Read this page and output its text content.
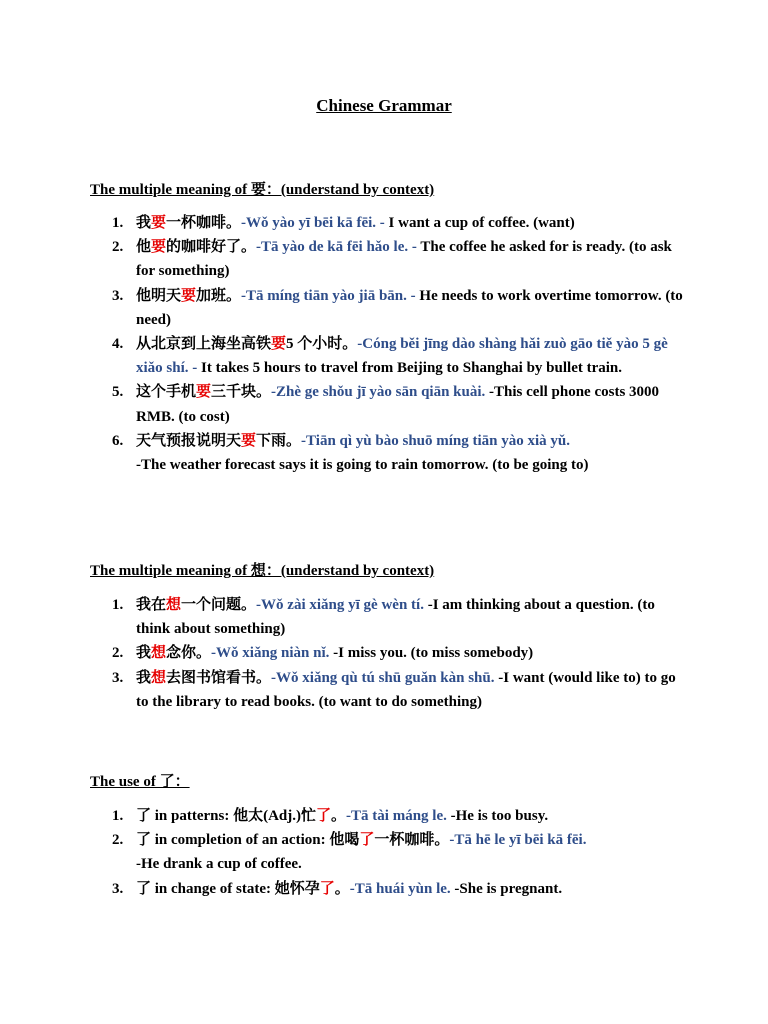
Chinese Grammar
The multiple meaning of 要：(understand by context)
1. 我要一杯咖啡。-Wǒ yào yī bēi kā fēi. - I want a cup of coffee. (want)
2. 他要的咖啡好了。-Tā yào de kā fēi hǎo le. - The coffee he asked for is ready. (to ask for something)
3. 他明天要加班。-Tā míng tiān yào jiā bān. - He needs to work overtime tomorrow. (to need)
4. 从北京到上海坐高铁要5 个小时。-Cóng běi jīng dào shàng hǎi zuò gāo tiě yào 5 gè xiǎo shí. - It takes 5 hours to travel from Beijing to Shanghai by bullet train.
5. 这个手机要三千块。-Zhè ge shǒu jī yào sān qiān kuài. -This cell phone costs 3000 RMB. (to cost)
6. 天气预报说明天要下雨。-Tiān qì yù bào shuō míng tiān yào xià yǔ.
-The weather forecast says it is going to rain tomorrow. (to be going to)
The multiple meaning of 想：(understand by context)
1. 我在想一个问题。-Wǒ zài xiǎng yī gè wèn tí. -I am thinking about a question. (to think about something)
2. 我想念你。-Wǒ xiǎng niàn nǐ. -I miss you. (to miss somebody)
3. 我想去图书馆看书。-Wǒ xiǎng qù tú shū guǎn kàn shū. -I want (would like to) to go to the library to read books. (to want to do something)
The use of 了：
1. 了 in patterns: 他太(Adj.)忙了。-Tā tài máng le. -He is too busy.
2. 了 in completion of an action: 他喝了一杯咖啡。-Tā hē le yī bēi kā fēi.
-He drank a cup of coffee.
3. 了 in change of state: 她怀孕了。-Tā huái yùn le. -She is pregnant.
